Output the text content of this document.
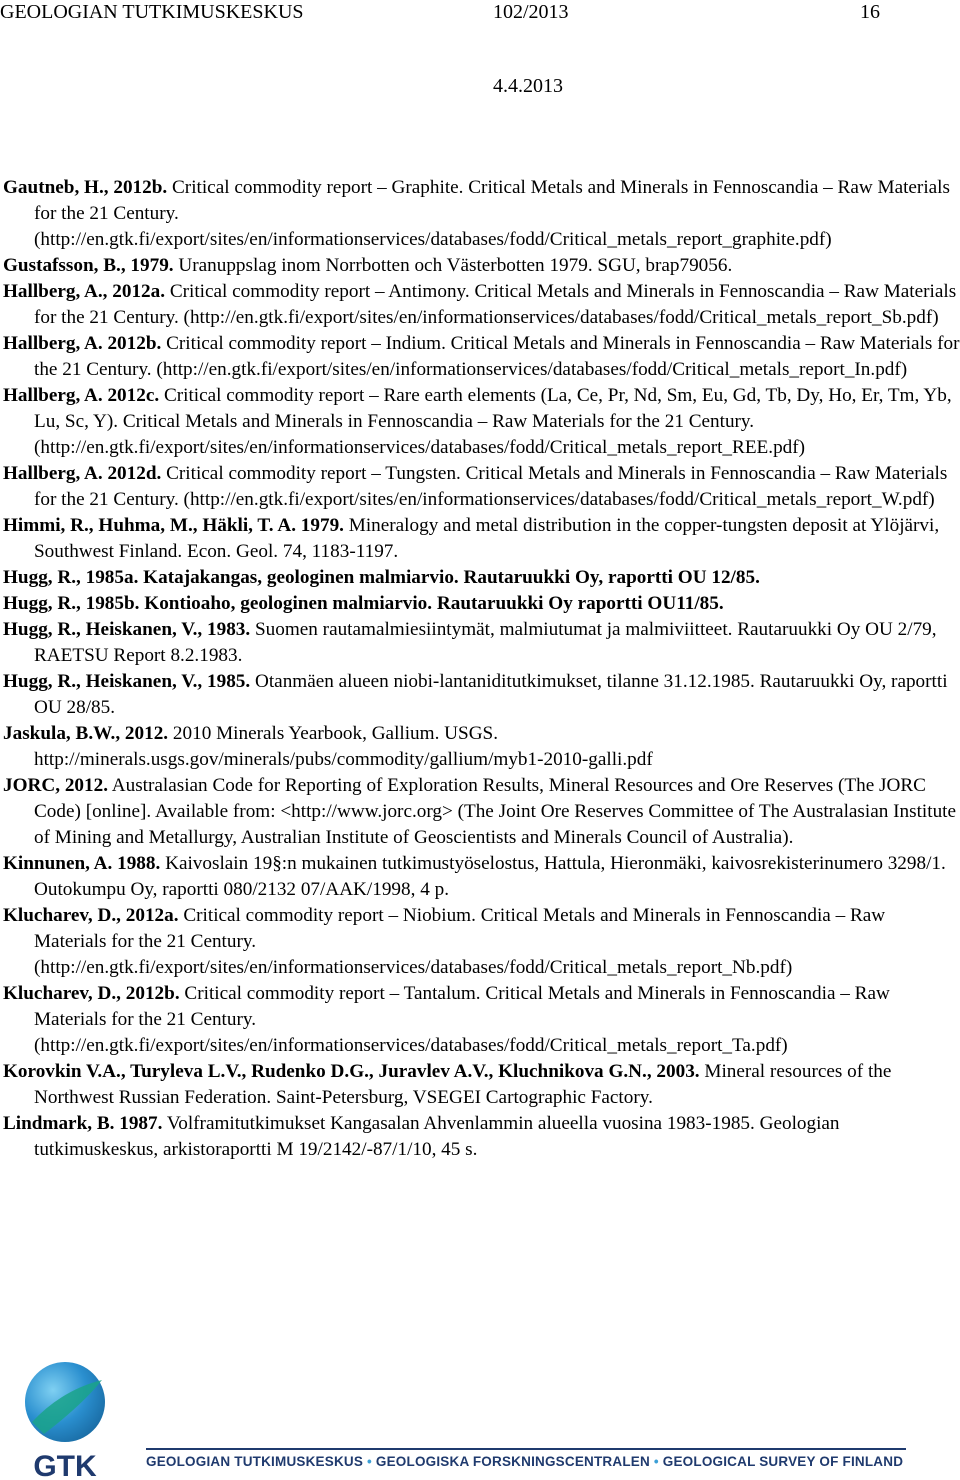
GEOLOGIAN TUTKIMUSKESKUS	102/2013	16
4.4.2013

Gautneb, H., 2012b. Critical commodity report – Graphite. Critical Metals and Minerals in Fennoscandia – Raw Materials for the 21 Century. (http://en.gtk.fi/export/sites/en/informationservices/databases/fodd/Critical_metals_report_graphite.pdf)

Gustafsson, B., 1979. Uranuppslag inom Norrbotten och Västerbotten 1979. SGU, brap79056.

Hallberg, A., 2012a. Critical commodity report – Antimony. Critical Metals and Minerals in Fennoscandia – Raw Materials for the 21 Century. (http://en.gtk.fi/export/sites/en/informationservices/databases/fodd/Critical_metals_report_Sb.pdf)

Hallberg, A. 2012b. Critical commodity report – Indium. Critical Metals and Minerals in Fennoscandia – Raw Materials for the 21 Century. (http://en.gtk.fi/export/sites/en/informationservices/databases/fodd/Critical_metals_report_In.pdf)

Hallberg, A. 2012c. Critical commodity report – Rare earth elements (La, Ce, Pr, Nd, Sm, Eu, Gd, Tb, Dy, Ho, Er, Tm, Yb, Lu, Sc, Y). Critical Metals and Minerals in Fennoscandia – Raw Materials for the 21 Century. (http://en.gtk.fi/export/sites/en/informationservices/databases/fodd/Critical_metals_report_REE.pdf)

Hallberg, A. 2012d. Critical commodity report – Tungsten. Critical Metals and Minerals in Fennoscandia – Raw Materials for the 21 Century. (http://en.gtk.fi/export/sites/en/informationservices/databases/fodd/Critical_metals_report_W.pdf)

Himmi, R., Huhma, M., Häkli, T. A. 1979. Mineralogy and metal distribution in the copper-tungsten deposit at Ylöjärvi, Southwest Finland. Econ. Geol. 74, 1183-1197.

Hugg, R., 1985a. Katajakangas, geologinen malmiarvio. Rautaruukki Oy, raportti OU 12/85.

Hugg, R., 1985b. Kontioaho, geologinen malmiarvio. Rautaruukki Oy raportti OU11/85.

Hugg, R., Heiskanen, V., 1983. Suomen rautamalmiesiintymät, malmiutumat ja malmiviitteet. Rautaruukki Oy OU 2/79, RAETSU Report 8.2.1983.

Hugg, R., Heiskanen, V., 1985. Otanmäen alueen niobi-lantaniditutkimukset, tilanne 31.12.1985. Rautaruukki Oy, raportti OU 28/85.

Jaskula, B.W., 2012. 2010 Minerals Yearbook, Gallium. USGS. http://minerals.usgs.gov/minerals/pubs/commodity/gallium/myb1-2010-galli.pdf

JORC, 2012. Australasian Code for Reporting of Exploration Results, Mineral Resources and Ore Reserves (The JORC Code) [online]. Available from: <http://www.jorc.org> (The Joint Ore Reserves Committee of The Australasian Institute of Mining and Metallurgy, Australian Institute of Geoscientists and Minerals Council of Australia).

Kinnunen, A. 1988. Kaivoslain 19§:n mukainen tutkimustyöselostus, Hattula, Hieronmäki, kaivosrekisterinumero 3298/1. Outokumpu Oy, raportti 080/2132 07/AAK/1998, 4 p.

Klucharev, D., 2012a. Critical commodity report – Niobium. Critical Metals and Minerals in Fennoscandia – Raw Materials for the 21 Century. (http://en.gtk.fi/export/sites/en/informationservices/databases/fodd/Critical_metals_report_Nb.pdf)

Klucharev, D., 2012b. Critical commodity report – Tantalum. Critical Metals and Minerals in Fennoscandia – Raw Materials for the 21 Century. (http://en.gtk.fi/export/sites/en/informationservices/databases/fodd/Critical_metals_report_Ta.pdf)

Korovkin V.A., Turyleva L.V., Rudenko D.G., Juravlev A.V., Kluchnikova G.N., 2003. Mineral resources of the Northwest Russian Federation. Saint-Petersburg, VSEGEI Cartographic Factory.

Lindmark, B. 1987. Volframitutkimukset Kangasalan Ahvenlammin alueella vuosina 1983-1985. Geologian tutkimuskeskus, arkistoraportti M 19/2142/-87/1/10, 45 s.

GTK	GEOLOGIAN TUTKIMUSKESKUS • GEOLOGISKA FORSKNINGSCENTRALEN • GEOLOGICAL SURVEY OF FINLAND
